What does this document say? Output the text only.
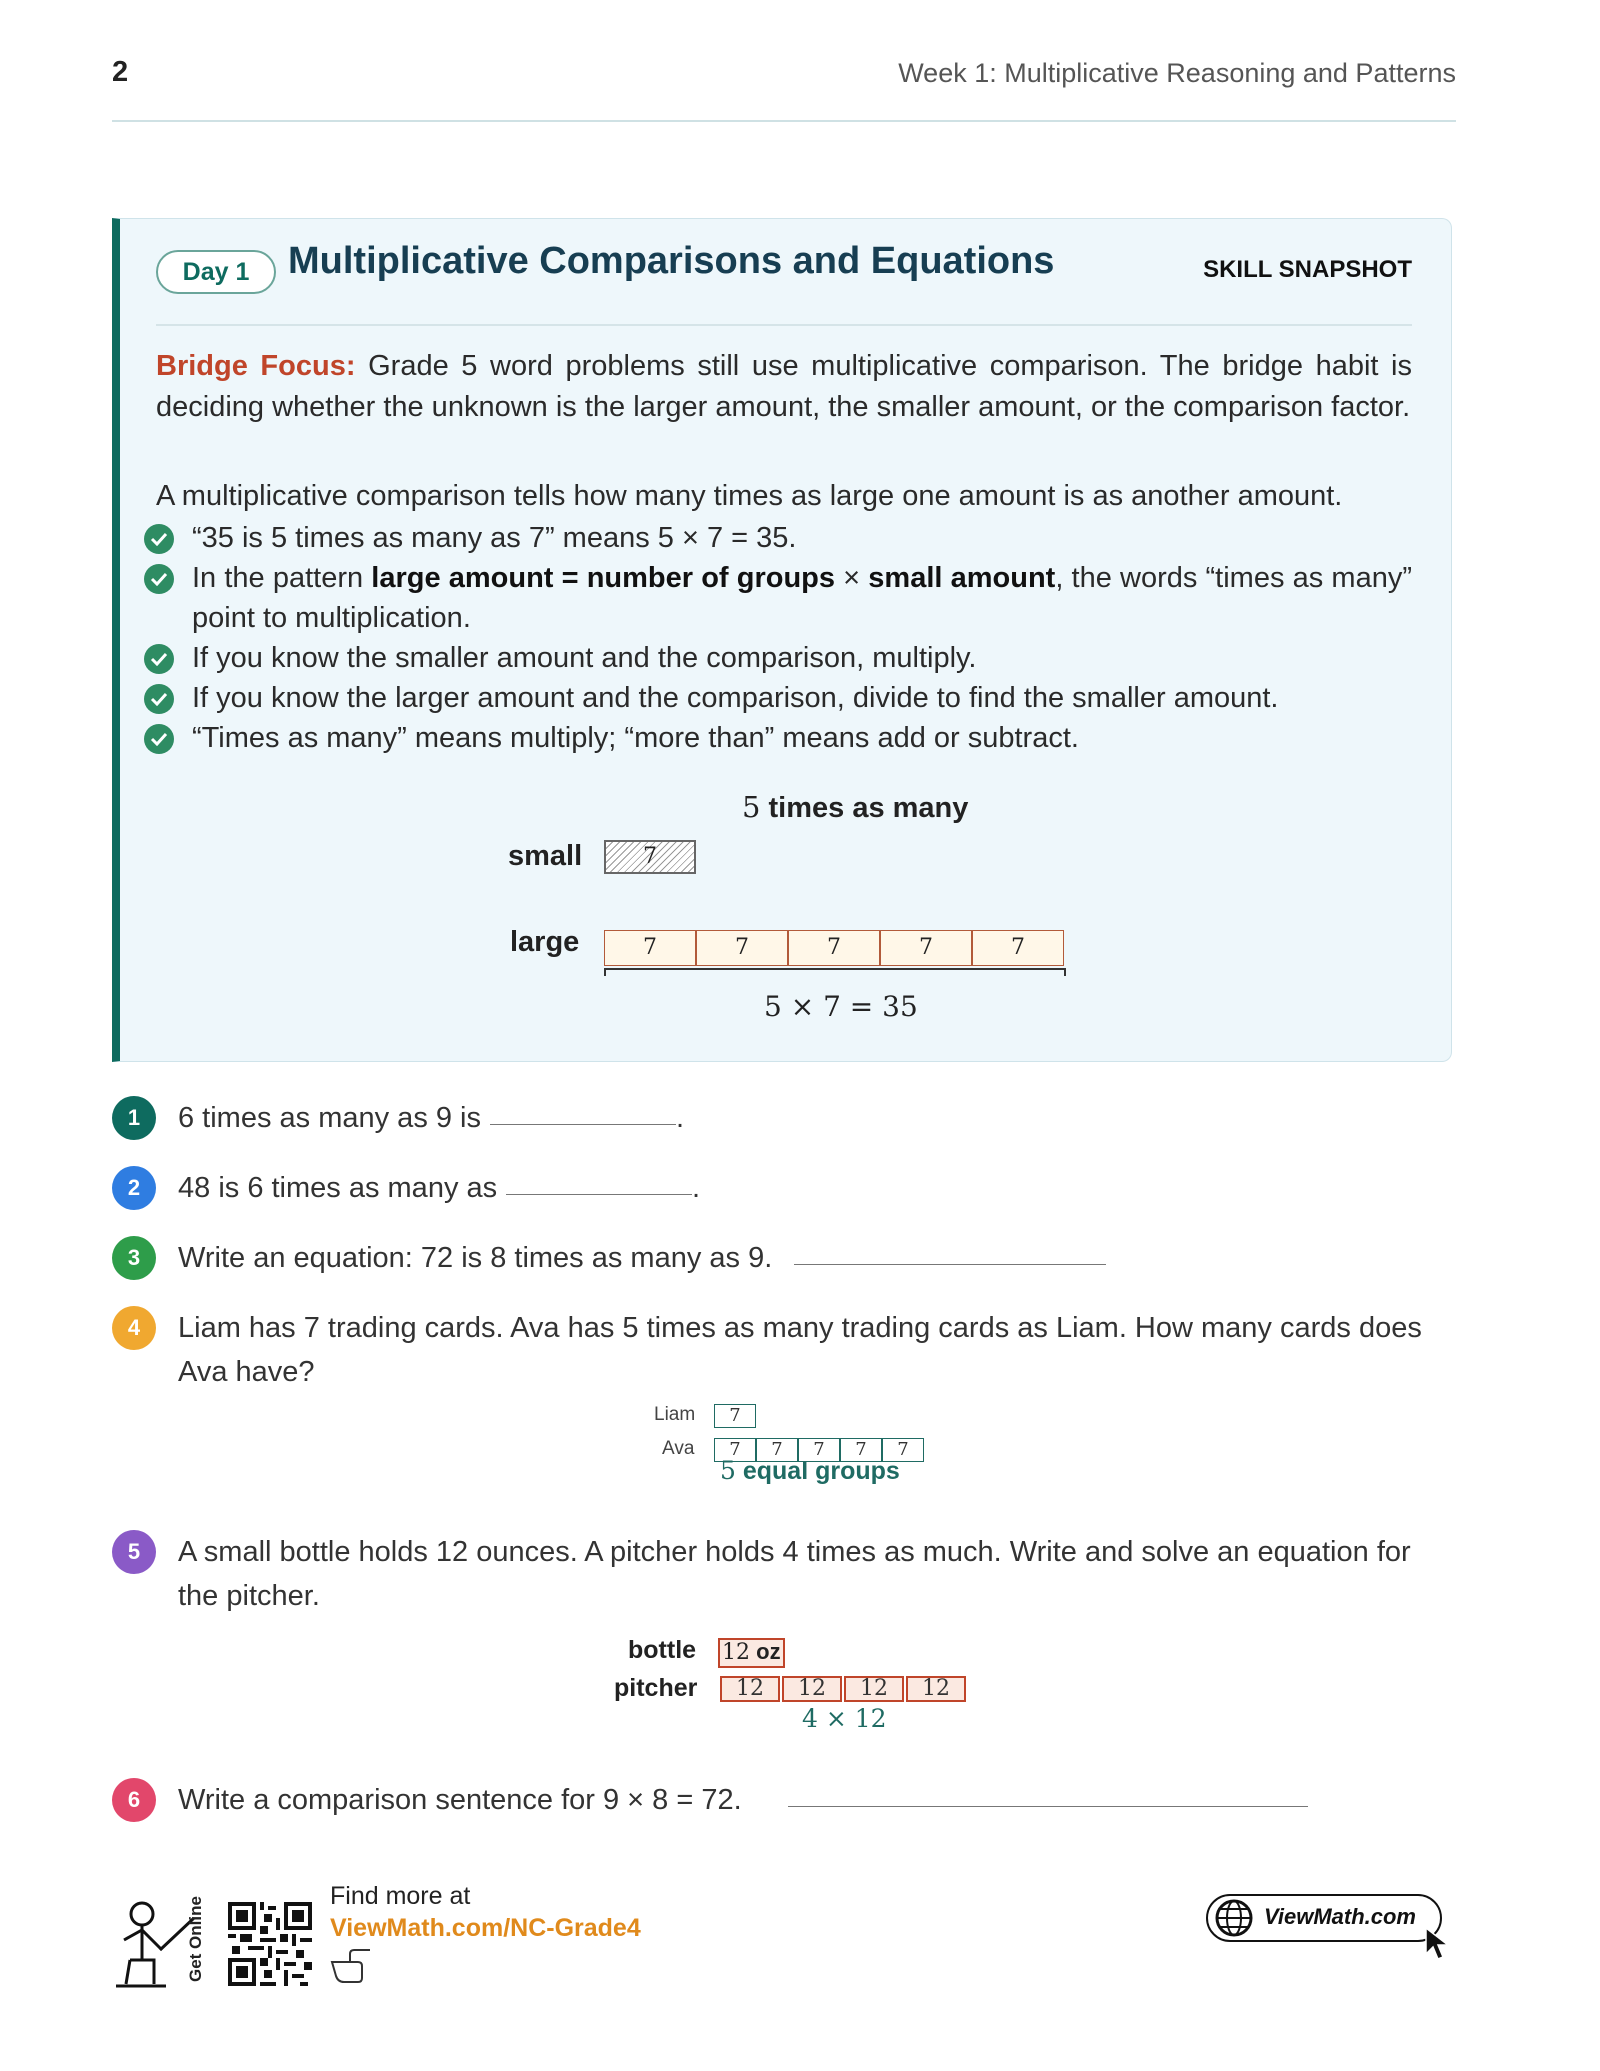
2	Week 1: Multiplicative Reasoning and Patterns
Day 1	Multiplicative Comparisons and Equations	SKILL SNAPSHOT
Bridge Focus: Grade 5 word problems still use multiplicative comparison. The bridge habit is deciding whether the unknown is the larger amount, the smaller amount, or the comparison factor.
A multiplicative comparison tells how many times as large one amount is as another amount.
“35 is 5 times as many as 7” means 5 × 7 = 35.
In the pattern large amount = number of groups × small amount, the words “times as many” point to multiplication.
If you know the smaller amount and the comparison, multiply.
If you know the larger amount and the comparison, divide to find the smaller amount.
“Times as many” means multiply; “more than” means add or subtract.
5 times as many
small	7
large	7	7	7	7	7
5 × 7 = 35
1	6 times as many as 9 is	.
2	48 is 6 times as many as	.
3	Write an equation: 72 is 8 times as many as 9.
4	Liam has 7 trading cards. Ava has 5 times as many trading cards as Liam. How many cards does Ava have?
Liam
Ava
7
7	7	7	7	7
5 equal groups
5	A small bottle holds 12 ounces. A pitcher holds 4 times as much. Write and solve an equation for the pitcher.
bottle
pitcher
12 oz
12	12	12	12
4 × 12
6	Write a comparison sentence for 9 × 8 = 72.
Get Online
Find more at
ViewMath.com/NC-Grade4	ViewMath.com
